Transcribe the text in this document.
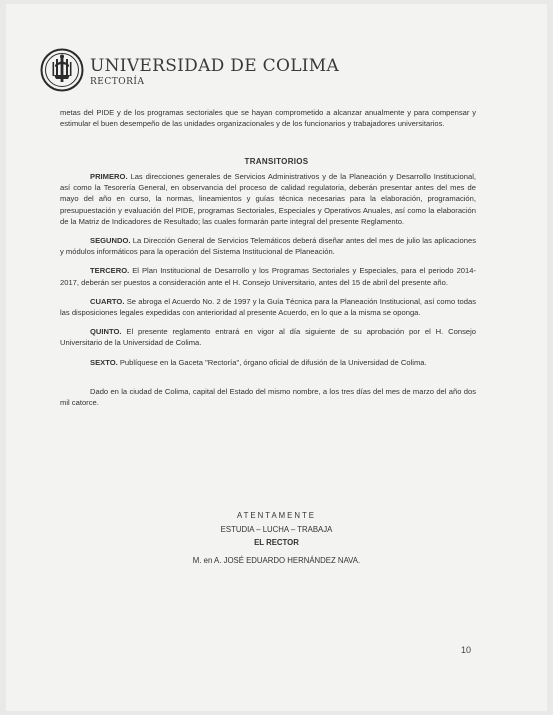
UNIVERSIDAD DE COLIMA
RECTORÍA

metas del PIDE y de los programas sectoriales que se hayan comprometido a alcanzar anualmente y para compensar y estimular el buen desempeño de las unidades organizacionales y de los funcionarios y trabajadores universitarios.

TRANSITORIOS

PRIMERO. Las direcciones generales de Servicios Administrativos y de la Planeación y Desarrollo Institucional, así como la Tesorería General, en observancia del proceso de calidad regulatoria, deberán presentar antes del mes de mayo del año en curso, la normas, lineamientos y guías técnica necesarias para la elaboración, programación, presupuestación y evaluación del PIDE, programas Sectoriales, Especiales y Operativos Anuales, así como la elaboración de la Matriz de Indicadores de Resultado; las cuales formarán parte integral del presente Reglamento.

SEGUNDO. La Dirección General de Servicios Telemáticos deberá diseñar antes del mes de julio las aplicaciones y módulos informáticos para la operación del Sistema Institucional de Planeación.

TERCERO. El Plan Institucional de Desarrollo y los Programas Sectoriales y Especiales, para el periodo 2014-2017, deberán ser puestos a consideración ante el H. Consejo Universitario, antes del 15 de abril del presente año.

CUARTO. Se abroga el Acuerdo No. 2 de 1997 y la Guía Técnica para la Planeación Institucional, así como todas las disposiciones legales expedidas con anterioridad al presente Acuerdo, en lo que a la misma se oponga.

QUINTO. El presente reglamento entrará en vigor al día siguiente de su aprobación por el H. Consejo Universitario de la Universidad de Colima.

SEXTO. Publíquese en la Gaceta "Rectoría", órgano oficial de difusión de la Universidad de Colima.

Dado en la ciudad de Colima, capital del Estado del mismo nombre, a los tres días del mes de marzo del año dos mil catorce.

ATENTAMENTE
ESTUDIA – LUCHA – TRABAJA
EL RECTOR
M. en A. JOSÉ EDUARDO HERNÁNDEZ NAVA.
10
